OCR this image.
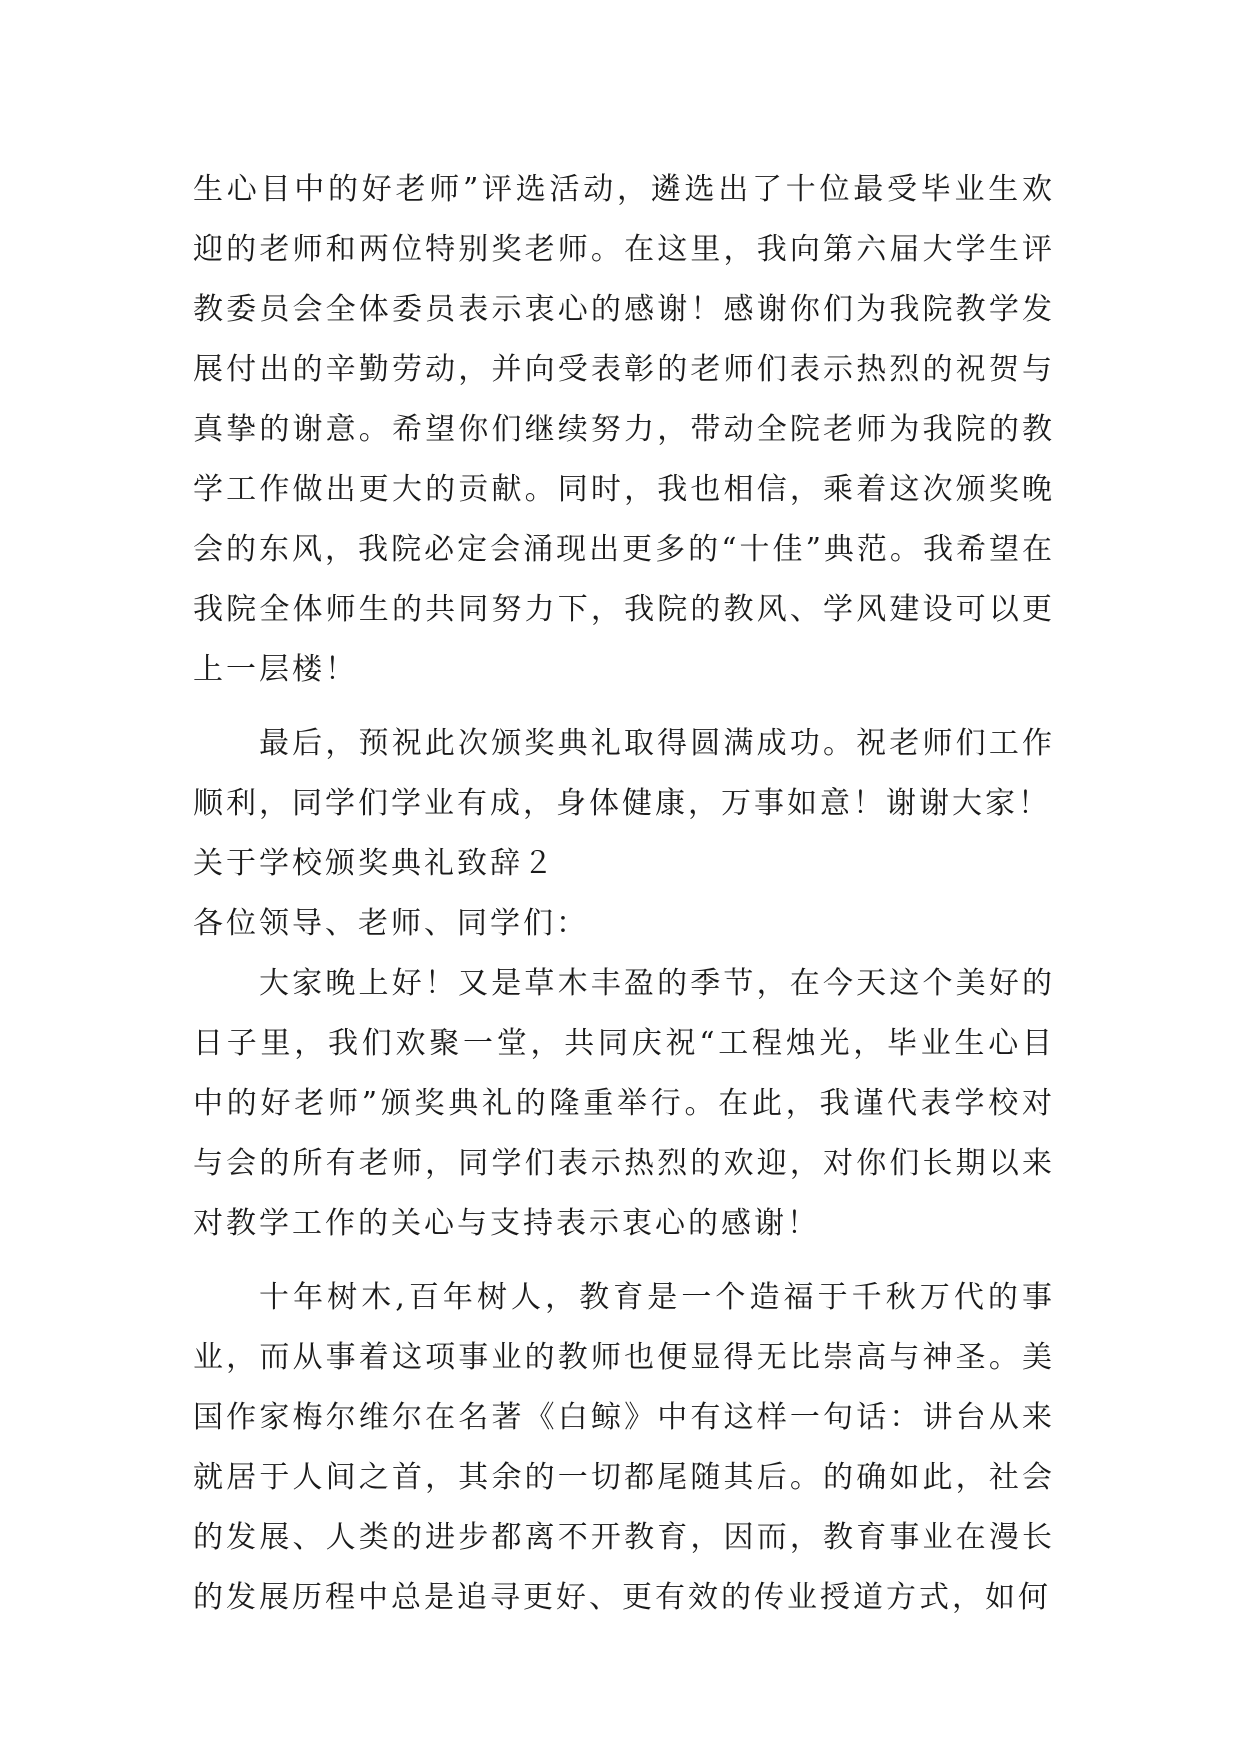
生心目中的好老师”评选活动，遴选出了十位最受毕业生欢迎的老师和两位特别奖老师。在这里，我向第六届大学生评教委员会全体委员表示衷心的感谢！感谢你们为我院教学发展付出的辛勤劳动，并向受表彰的老师们表示热烈的祝贺与真挚的谢意。希望你们继续努力，带动全院老师为我院的教学工作做出更大的贡献。同时，我也相信，乘着这次颁奖晚会的东风，我院必定会涌现出更多的“十佳”典范。我希望在我院全体师生的共同努力下，我院的教风、学风建设可以更上一层楼！

最后，预祝此次颁奖典礼取得圆满成功。祝老师们工作顺利，同学们学业有成，身体健康，万事如意！谢谢大家！

关于学校颁奖典礼致辞２

各位领导、老师、同学们：

大家晚上好！又是草木丰盈的季节，在今天这个美好的日子里，我们欢聚一堂，共同庆祝“工程烛光，毕业生心目中的好老师”颁奖典礼的隆重举行。在此，我谨代表学校对与会的所有老师，同学们表示热烈的欢迎，对你们长期以来对教学工作的关心与支持表示衷心的感谢！

十年树木,百年树人，教育是一个造福于千秋万代的事业，而从事着这项事业的教师也便显得无比崇高与神圣。美国作家梅尔维尔在名著《白鲸》中有这样一句话：讲台从来就居于人间之首，其余的一切都尾随其后。的确如此，社会的发展、人类的进步都离不开教育，因而，教育事业在漫长的发展历程中总是追寻更好、更有效的传业授道方式，如何
